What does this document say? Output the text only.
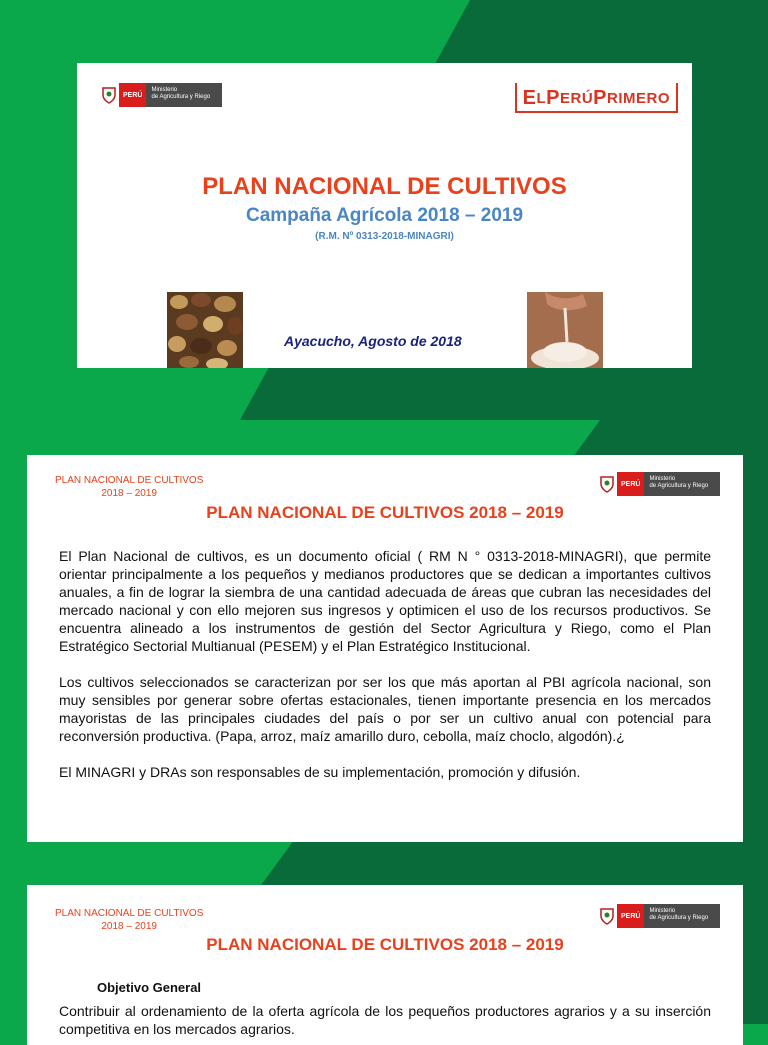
PERÚ
Ministerio
de Agricultura y Riego	E L P ERÚ P RIMERO
PLAN NACIONAL DE CULTIVOS
Campaña Agrícola 2018 – 2019
(R.M. Nº 0313-2018-MINAGRI)
Ayacucho, Agosto de 2018
PLAN NACIONAL DE CULTIVOS
2018 – 2019
PERÚ
Ministerio
de Agricultura y Riego
PLAN NACIONAL DE CULTIVOS 2018 – 2019

El Plan Nacional de cultivos, es un documento oficial ( RM N ° 0313-2018-MINAGRI), que permite orientar principalmente a los pequeños y medianos productores que se dedican a importantes cultivos anuales, a fin de lograr la siembra de una cantidad adecuada de áreas que cubran las necesidades del mercado nacional y con ello mejoren sus ingresos y optimicen el uso de los recursos productivos. Se encuentra alineado a los instrumentos de gestión del Sector Agricultura y Riego, como el Plan Estratégico Sectorial Multianual (PESEM) y el Plan Estratégico Institucional.

Los cultivos seleccionados se caracterizan por ser los que más aportan al PBI agrícola nacional, son muy sensibles por generar sobre ofertas estacionales, tienen importante presencia en los mercados mayoristas de las principales ciudades del país o por ser un cultivo anual con potencial para reconversión productiva. (Papa, arroz, maíz amarillo duro, cebolla, maíz choclo, algodón).¿

El MINAGRI y DRAs son responsables de su implementación, promoción y difusión.

PLAN NACIONAL DE CULTIVOS
2018 – 2019
PERÚ
Ministerio
de Agricultura y Riego
PLAN NACIONAL DE CULTIVOS 2018 – 2019
Objetivo General
Contribuir al ordenamiento de la oferta agrícola de los pequeños productores agrarios y a su inserción competitiva en los mercados agrarios.
